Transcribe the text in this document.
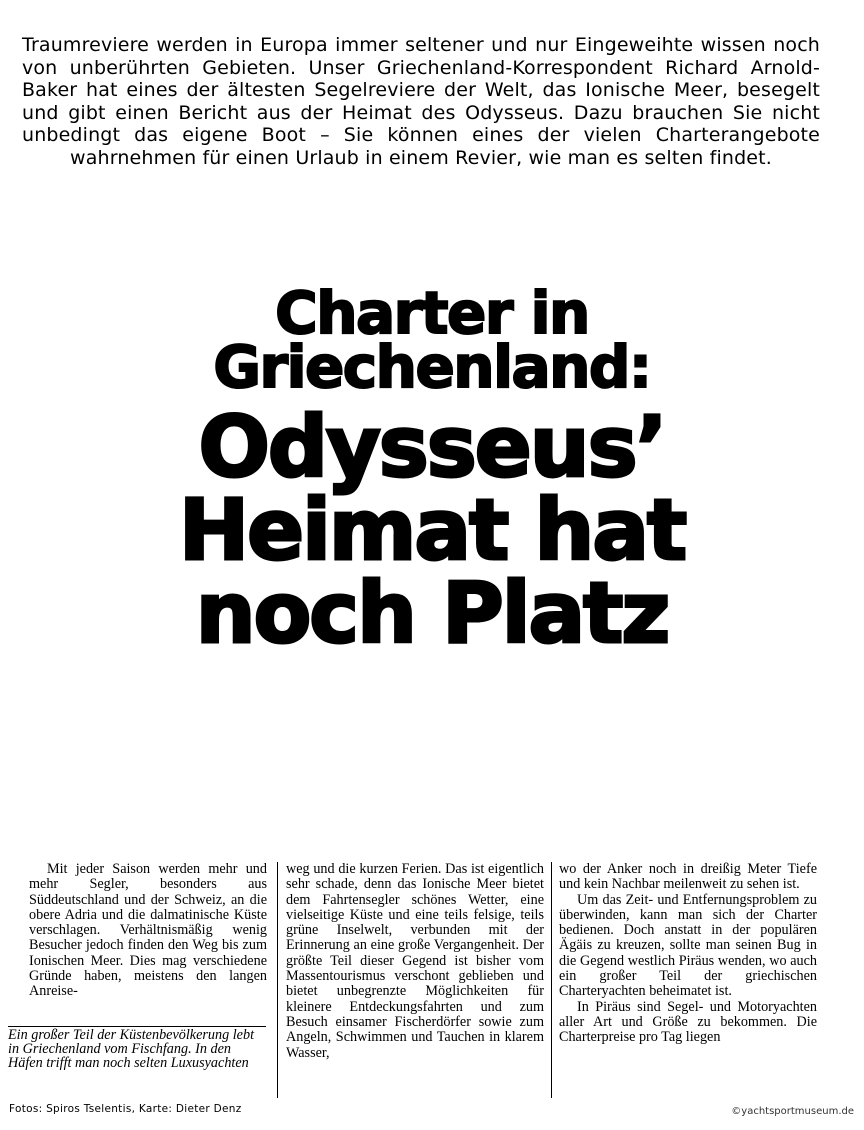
Traumreviere werden in Europa immer seltener und nur Eingeweihte wissen noch von unberührten Gebieten. Unser Griechenland-Korrespondent Richard Arnold-Baker hat eines der ältesten Segelreviere der Welt, das Ionische Meer, besegelt und gibt einen Bericht aus der Heimat des Odysseus. Dazu brauchen Sie nicht unbedingt das eigene Boot – Sie können eines der vielen Charterangebote wahrnehmen für einen Urlaub in einem Revier, wie man es selten findet.
Charter in
Griechenland:
Odysseus’
Heimat hat
noch Platz

Mit jeder Saison werden mehr und mehr Segler, besonders aus Süddeutschland und der Schweiz, an die obere Adria und die dalmatinische Küste verschlagen. Verhältnismäßig wenig Besucher jedoch finden den Weg bis zum Ionischen Meer. Dies mag verschiedene Gründe haben, meistens den langen Anreise-

Ein großer Teil der Küstenbevölkerung lebt in Griechenland vom Fischfang. In den Häfen trifft man noch selten Luxusyachten

weg und die kurzen Ferien. Das ist eigentlich sehr schade, denn das Ionische Meer bietet dem Fahrtensegler schönes Wetter, eine vielseitige Küste und eine teils felsige, teils grüne Inselwelt, verbunden mit der Erinnerung an eine große Vergangenheit. Der größte Teil dieser Gegend ist bisher vom Massentourismus verschont geblieben und bietet unbegrenzte Möglichkeiten für kleinere Entdeckungsfahrten und zum Besuch einsamer Fischerdörfer sowie zum Angeln, Schwimmen und Tauchen in klarem Wasser,

wo der Anker noch in dreißig Meter Tiefe und kein Nachbar meilenweit zu sehen ist.

Um das Zeit- und Entfernungsproblem zu überwinden, kann man sich der Charter bedienen. Doch anstatt in der populären Ägäis zu kreuzen, sollte man seinen Bug in die Gegend westlich Piräus wenden, wo auch ein großer Teil der griechischen Charteryachten beheimatet ist.

In Piräus sind Segel- und Motoryachten aller Art und Größe zu bekommen. Die Charterpreise pro Tag liegen

Fotos: Spiros Tselentis, Karte: Dieter Denz	©yachtsportmuseum.de
